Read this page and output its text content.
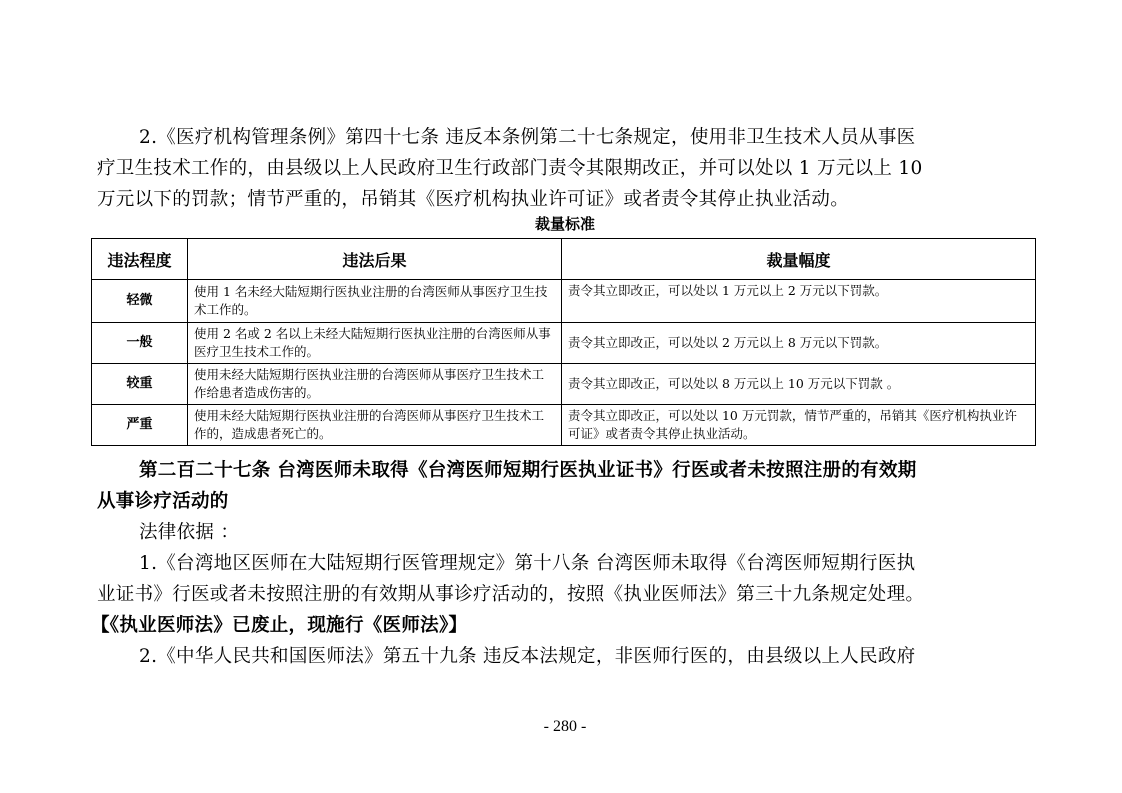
2.《医疗机构管理条例》第四十七条 违反本条例第二十七条规定，使用非卫生技术人员从事医

疗卫生技术工作的，由县级以上人民政府卫生行政部门责令其限期改正，并可以处以 1 万元以上 10

万元以下的罚款；情节严重的，吊销其《医疗机构执业许可证》或者责令其停止执业活动。

裁量标准
违法程度	违法后果	裁量幅度
轻微	使用 1 名未经大陆短期行医执业注册的台湾医师从事医疗卫生技术工作的。	责令其立即改正，可以处以 1 万元以上 2 万元以下罚款。
一般	使用 2 名或 2 名以上未经大陆短期行医执业注册的台湾医师从事医疗卫生技术工作的。	责令其立即改正，可以处以 2 万元以上 8 万元以下罚款。
较重	使用未经大陆短期行医执业注册的台湾医师从事医疗卫生技术工作给患者造成伤害的。	责令其立即改正，可以处以 8 万元以上 10 万元以下罚款 。
严重	使用未经大陆短期行医执业注册的台湾医师从事医疗卫生技术工作的，造成患者死亡的。	责令其立即改正，可以处以 10 万元罚款，情节严重的，吊销其《医疗机构执业许可证》或者责令其停止执业活动。

第二百二十七条 台湾医师未取得《台湾医师短期行医执业证书》行医或者未按照注册的有效期

从事诊疗活动的

法律依据 ：

1.《台湾地区医师在大陆短期行医管理规定》第十八条 台湾医师未取得《台湾医师短期行医执

业证书》行医或者未按照注册的有效期从事诊疗活动的，按照《执业医师法》第三十九条规定处理。

【《执业医师法》已废止，现施行《医师法》】

2.《中华人民共和国医师法》第五十九条 违反本法规定，非医师行医的，由县级以上人民政府

- 280 -
